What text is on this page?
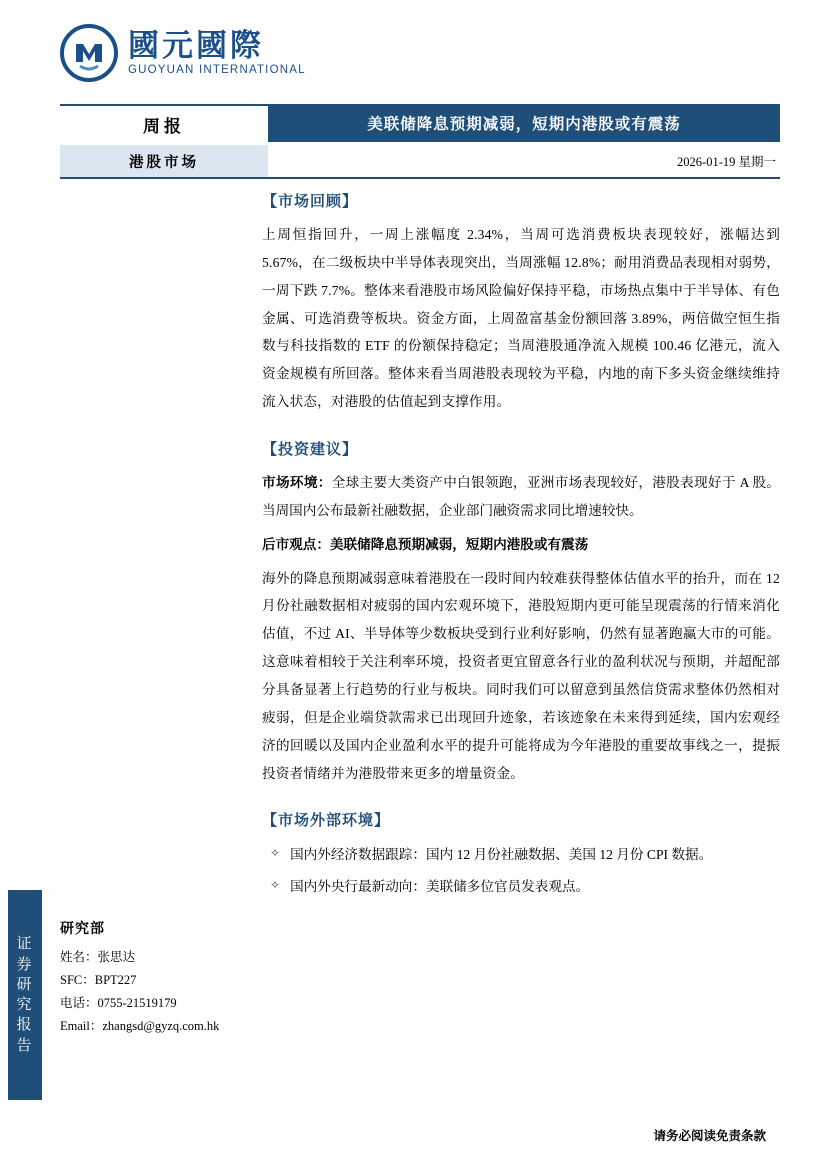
证
券
研
究
报
告
國元國際
GUOYUAN INTERNATIONAL
周报	美联储降息预期减弱，短期内港股或有震荡
港股市场	2026-01-19 星期一
【市场回顾】

上周恒指回升，一周上涨幅度 2.34%，当周可选消费板块表现较好，涨幅达到 5.67%，在二级板块中半导体表现突出，当周涨幅 12.8%；耐用消费品表现相对弱势，一周下跌 7.7%。整体来看港股市场风险偏好保持平稳，市场热点集中于半导体、有色金属、可选消费等板块。资金方面，上周盈富基金份额回落 3.89%，两倍做空恒生指数与科技指数的 ETF 的份额保持稳定；当周港股通净流入规模 100.46 亿港元，流入资金规模有所回落。整体来看当周港股表现较为平稳，内地的南下多头资金继续维持流入状态，对港股的估值起到支撑作用。

【投资建议】

市场环境：全球主要大类资产中白银领跑，亚洲市场表现较好，港股表现好于 A 股。当周国内公布最新社融数据，企业部门融资需求同比增速较快。

后市观点：美联储降息预期减弱，短期内港股或有震荡

海外的降息预期减弱意味着港股在一段时间内较难获得整体估值水平的抬升，而在 12 月份社融数据相对疲弱的国内宏观环境下，港股短期内更可能呈现震荡的行情来消化估值，不过 AI、半导体等少数板块受到行业利好影响，仍然有显著跑赢大市的可能。这意味着相较于关注利率环境，投资者更宜留意各行业的盈利状况与预期，并超配部分具备显著上行趋势的行业与板块。同时我们可以留意到虽然信贷需求整体仍然相对疲弱，但是企业端贷款需求已出现回升迹象，若该迹象在未来得到延续，国内宏观经济的回暖以及国内企业盈利水平的提升可能将成为今年港股的重要故事线之一，提振投资者情绪并为港股带来更多的增量资金。

【市场外部环境】
✧ 国内外经济数据跟踪：国内 12 月份社融数据、美国 12 月份 CPI 数据。
✧ 国内外央行最新动向：美联储多位官员发表观点。
研究部
姓名：张思达
SFC：BPT227
电话：0755-21519179
Email：zhangsd@gyzq.com.hk
请务必阅读免责条款
